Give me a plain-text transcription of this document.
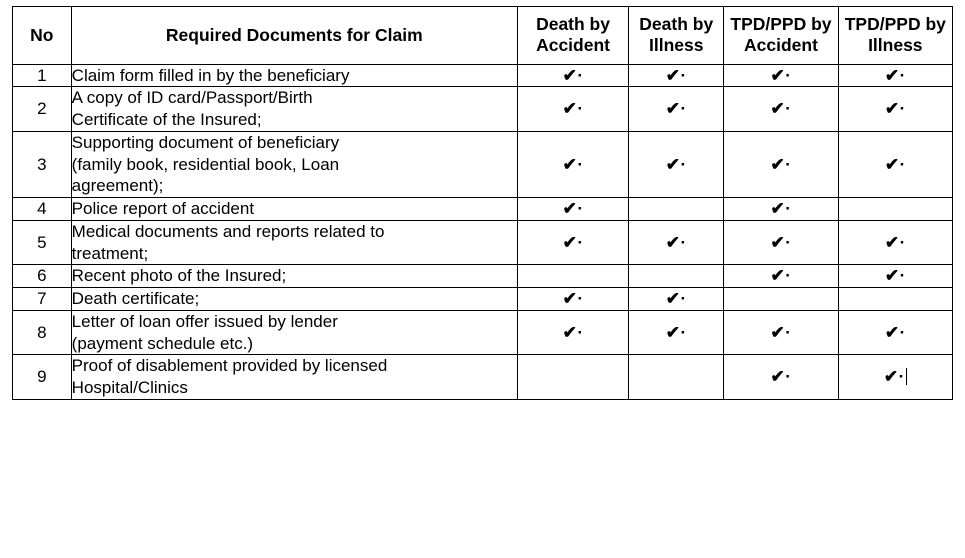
No	Required Documents for Claim	Death by Accident	Death by Illness	TPD/PPD by Accident	TPD/PPD by Illness
1	Claim form filled in by the beneficiary	✔·	✔·	✔·	✔·
2	A copy of ID card/Passport/Birth
Certificate of the Insured;	✔·	✔·	✔·	✔·
3	Supporting document of beneficiary
(family book, residential book, Loan
agreement);	✔·	✔·	✔·	✔·
4	Police report of accident	✔·		✔·	
5	Medical documents and reports related to
treatment;	✔·	✔·	✔·	✔·
6	Recent photo of the Insured;			✔·	✔·
7	Death certificate;	✔·	✔·		
8	Letter of loan offer issued by lender
(payment schedule etc.)	✔·	✔·	✔·	✔·
9	Proof of disablement provided by licensed
Hospital/Clinics			✔·	✔·
